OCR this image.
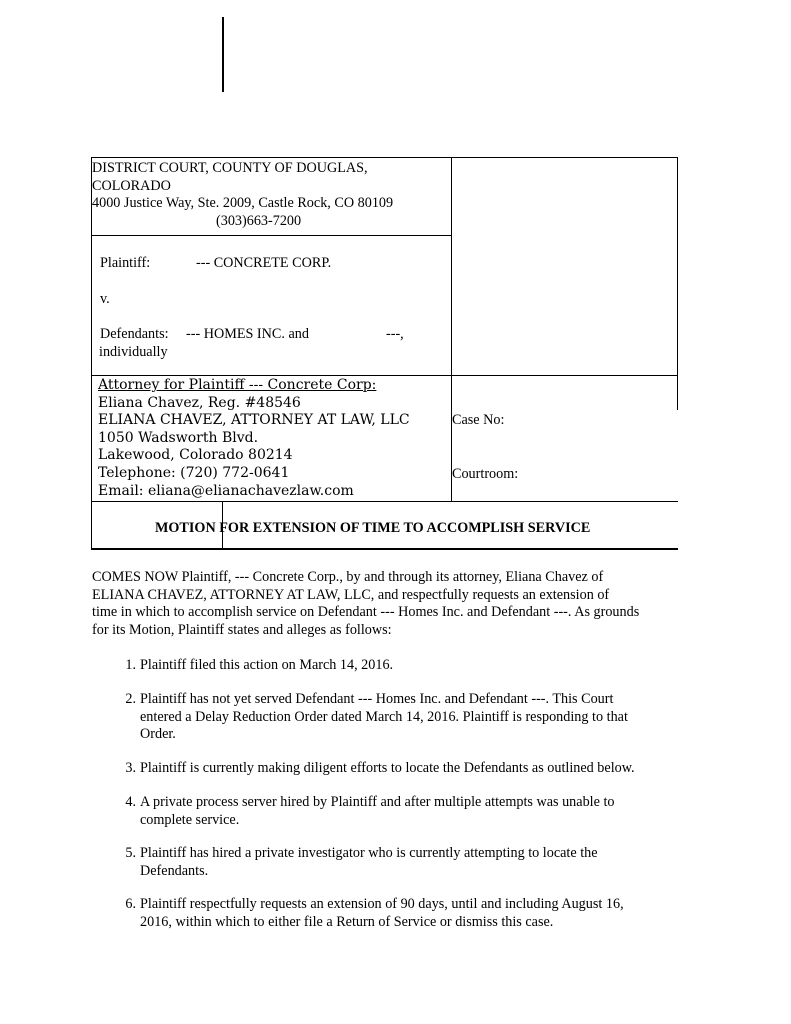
DISTRICT COURT, COUNTY OF DOUGLAS,
COLORADO
4000 Justice Way, Ste. 2009, Castle Rock, CO 80109
(303)663-7200
Plaintiff:	--- CONCRETE CORP.
v.
Defendants: --- HOMES INC. and	---,
individually
Attorney for Plaintiff --- Concrete Corp:
Eliana Chavez, Reg. #48546
ELIANA CHAVEZ, ATTORNEY AT LAW, LLC
1050 Wadsworth Blvd.
Lakewood, Colorado 80214
Telephone: (720) 772-0641
Email: eliana@elianachavezlaw.com
Case No:
Courtroom:
MOTION FOR EXTENSION OF TIME TO ACCOMPLISH SERVICE
COMES NOW Plaintiff, --- Concrete Corp., by and through its attorney, Eliana Chavez of
ELIANA CHAVEZ, ATTORNEY AT LAW, LLC, and respectfully requests an extension of
time in which to accomplish service on Defendant --- Homes Inc. and Defendant ---. As grounds
for its Motion, Plaintiff states and alleges as follows:
1. Plaintiff filed this action on March 14, 2016.
2. Plaintiff has not yet served Defendant --- Homes Inc. and Defendant ---. This Court
entered a Delay Reduction Order dated March 14, 2016. Plaintiff is responding to that
Order.
3. Plaintiff is currently making diligent efforts to locate the Defendants as outlined below.
4. A private process server hired by Plaintiff and after multiple attempts was unable to
complete service.
5. Plaintiff has hired a private investigator who is currently attempting to locate the
Defendants.
6. Plaintiff respectfully requests an extension of 90 days, until and including August 16,
2016, within which to either file a Return of Service or dismiss this case.
